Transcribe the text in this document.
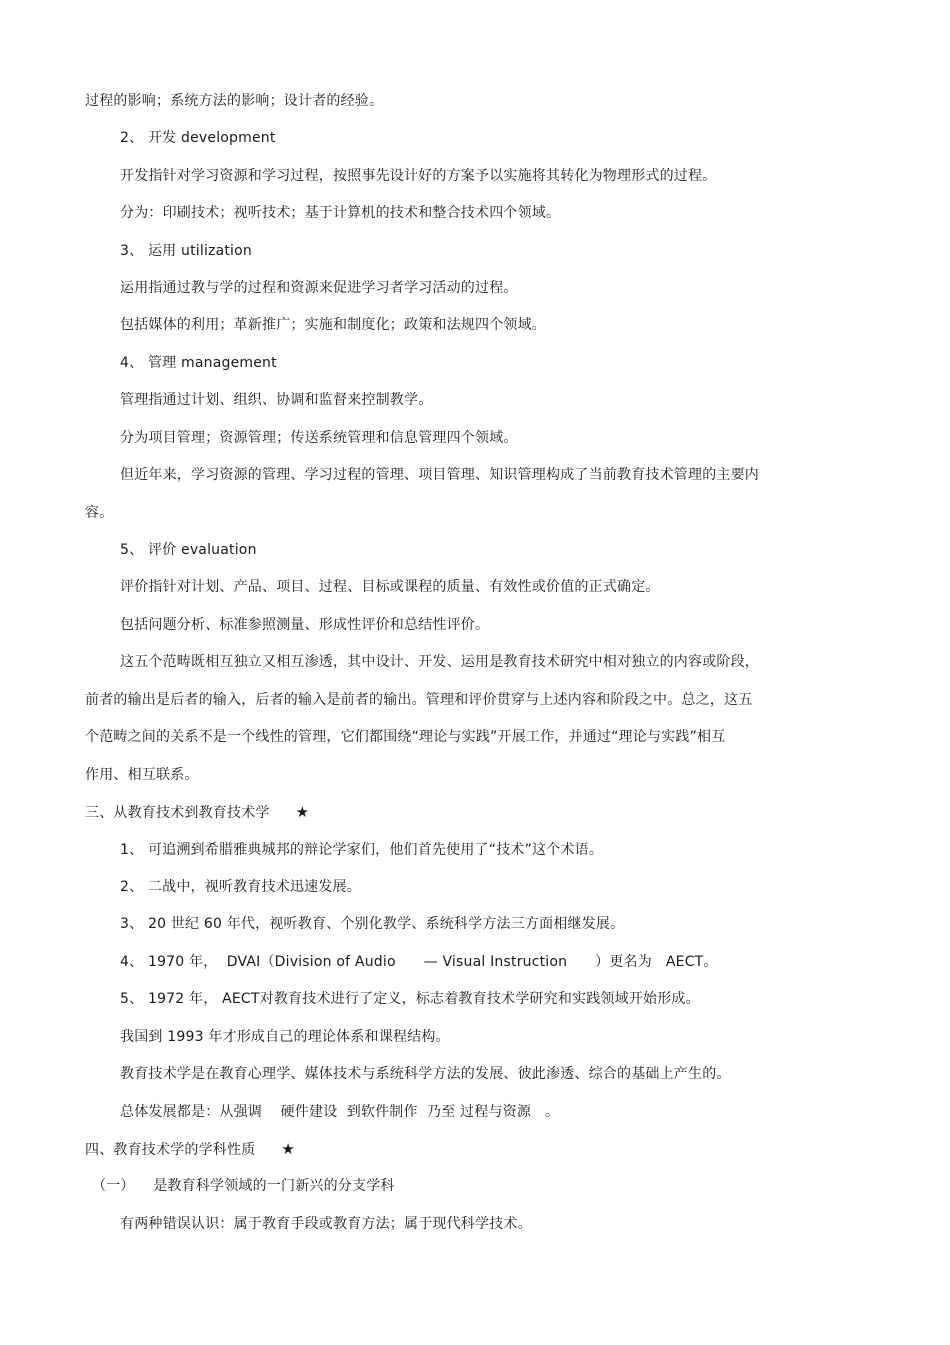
过程的影响；系统方法的影响；设计者的经验。
2、 开发 development
开发指针对学习资源和学习过程，按照事先设计好的方案予以实施将其转化为物理形式的过程。
分为：印刷技术；视听技术；基于计算机的技术和整合技术四个领域。
3、 运用 utilization
运用指通过教与学的过程和资源来促进学习者学习活动的过程。
包括媒体的利用；革新推广；实施和制度化；政策和法规四个领域。
4、 管理 management
管理指通过计划、组织、协调和监督来控制教学。
分为项目管理；资源管理；传送系统管理和信息管理四个领域。
但近年来，学习资源的管理、学习过程的管理、项目管理、知识管理构成了当前教育技术管理的主要内
容。
5、 评价 evaluation
评价指针对计划、产品、项目、过程、目标或课程的质量、有效性或价值的正式确定。
包括问题分析、标准参照测量、形成性评价和总结性评价。
这五个范畴既相互独立又相互渗透，其中设计、开发、运用是教育技术研究中相对独立的内容或阶段，
前者的输出是后者的输入，后者的输入是前者的输出。管理和评价贯穿与上述内容和阶段之中。总之，这五
个范畴之间的关系不是一个线性的管理，它们都围绕“理论与实践”开展工作，并通过“理论与实践”相互
作用、相互联系。
三、从教育技术到教育技术学 ★
1、 可追溯到希腊雅典城邦的辩论学家们，他们首先使用了“技术”这个术语。
2、 二战中，视听教育技术迅速发展。
3、 20 世纪 60 年代，视听教育、个别化教学、系统科学方法三方面相继发展。
4、 1970 年，  DVAI（Division of Audio      — Visual Instruction      ）更名为   AECT。
5、 1972 年， AECT对教育技术进行了定义，标志着教育技术学研究和实践领域开始形成。
我国到 1993 年才形成自己的理论体系和课程结构。
教育技术学是在教育心理学、媒体技术与系统科学方法的发展、彼此渗透、综合的基础上产生的。
总体发展都是：从强调    硬件建设  到软件制作  乃至 过程与资源   。
四、教育技术学的学科性质 ★
（一）    是教育科学领域的一门新兴的分支学科
有两种错误认识：属于教育手段或教育方法；属于现代科学技术。
